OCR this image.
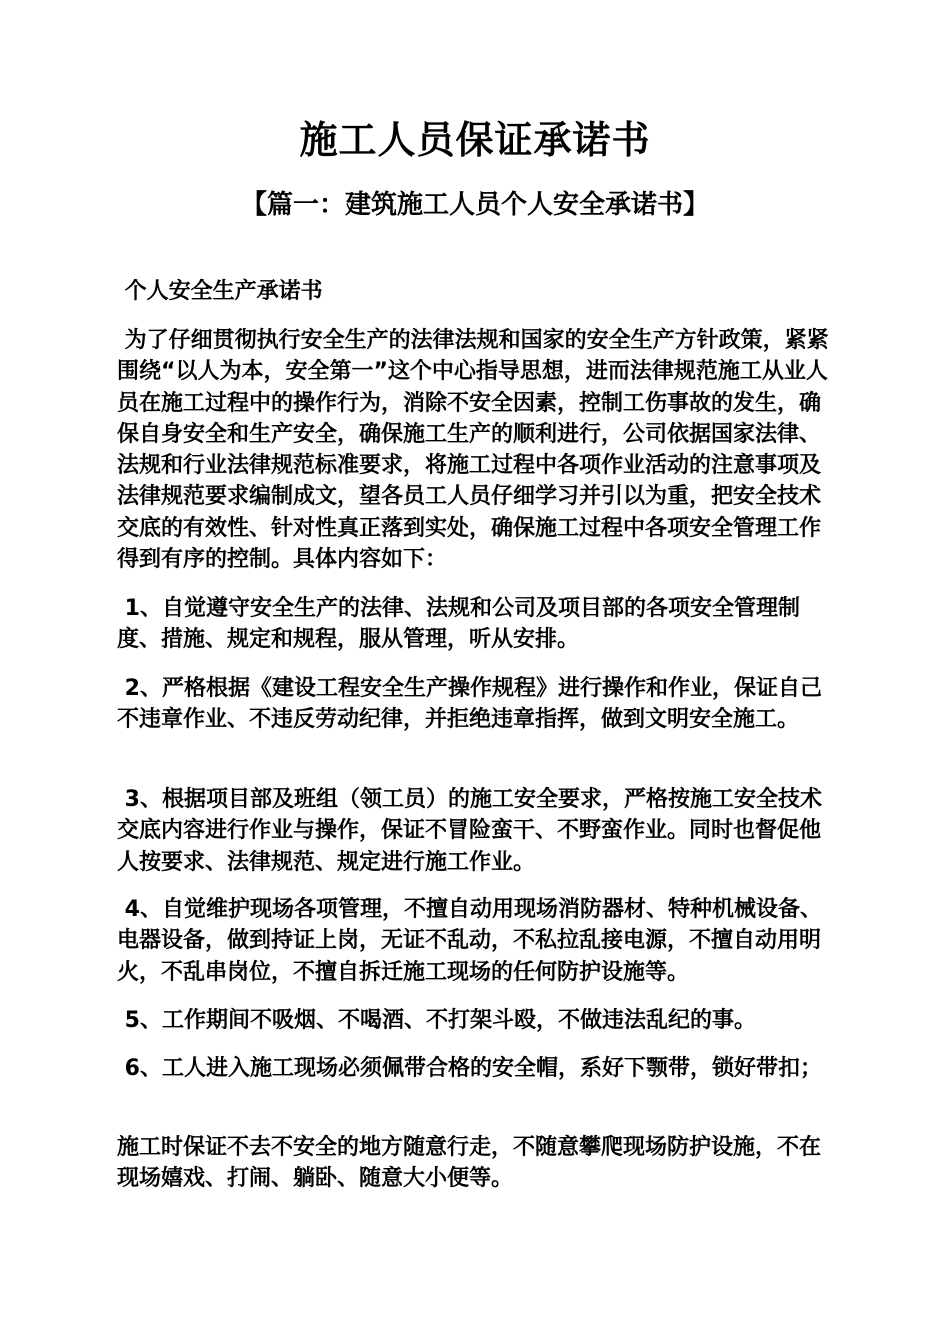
施工人员保证承诺书
【篇一：建筑施工人员个人安全承诺书】
个人安全生产承诺书
为了仔细贯彻执行安全生产的法律法规和国家的安全生产方针政策，紧紧围绕“以人为本，安全第一”这个中心指导思想，进而法律规范施工从业人员在施工过程中的操作行为，消除不安全因素，控制工伤事故的发生，确保自身安全和生产安全，确保施工生产的顺利进行，公司依据国家法律、法规和行业法律规范标准要求，将施工过程中各项作业活动的注意事项及法律规范要求编制成文，望各员工人员仔细学习并引以为重，把安全技术交底的有效性、针对性真正落到实处，确保施工过程中各项安全管理工作得到有序的控制。具体内容如下：
1、自觉遵守安全生产的法律、法规和公司及项目部的各项安全管理制度、措施、规定和规程，服从管理，听从安排。
2、严格根据《建设工程安全生产操作规程》进行操作和作业，保证自己不违章作业、不违反劳动纪律，并拒绝违章指挥，做到文明安全施工。
3、根据项目部及班组（领工员）的施工安全要求，严格按施工安全技术交底内容进行作业与操作，保证不冒险蛮干、不野蛮作业。同时也督促他人按要求、法律规范、规定进行施工作业。
4、自觉维护现场各项管理，不擅自动用现场消防器材、特种机械设备、电器设备，做到持证上岗，无证不乱动，不私拉乱接电源，不擅自动用明火，不乱串岗位，不擅自拆迁施工现场的任何防护设施等。
5、工作期间不吸烟、不喝酒、不打架斗殴，不做违法乱纪的事。
6、工人进入施工现场必须佩带合格的安全帽，系好下颚带，锁好带扣；
施工时保证不去不安全的地方随意行走，不随意攀爬现场防护设施，不在现场嬉戏、打闹、躺卧、随意大小便等。
